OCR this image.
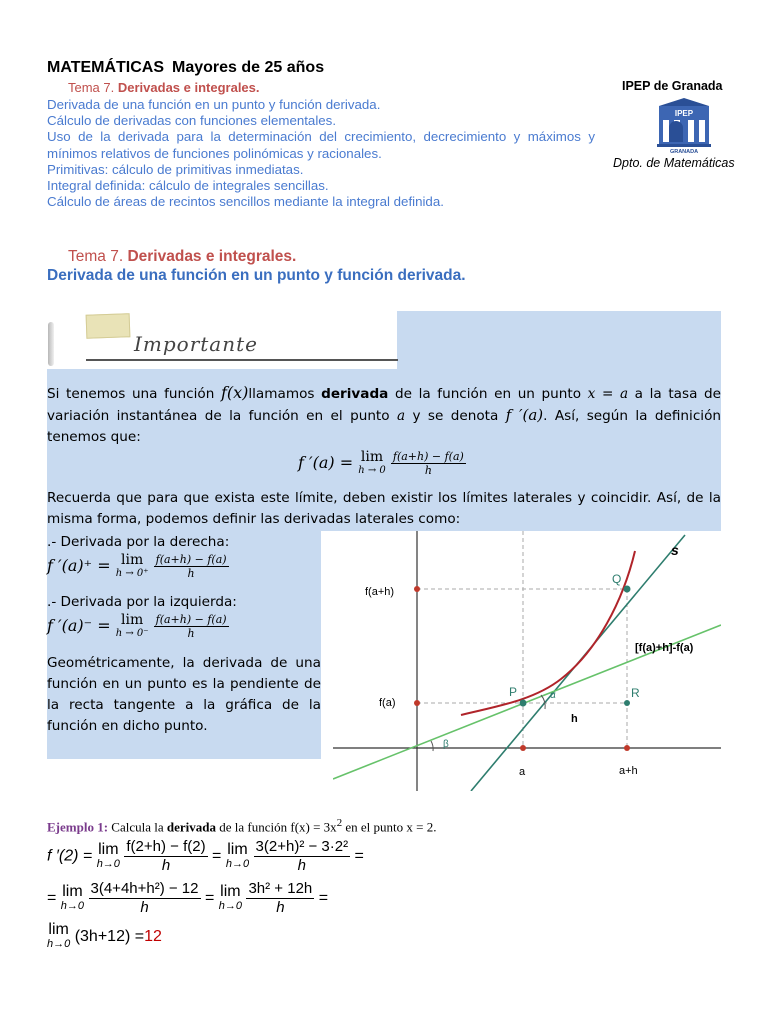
MATEMÁTICAS Mayores de 25 años
Tema 7. Derivadas e integrales.
Derivada de una función en un punto y función derivada.
Cálculo de derivadas con funciones elementales.
Uso de la derivada para la determinación del crecimiento, decrecimiento y máximos y mínimos relativos de funciones polinómicas y racionales.
Primitivas: cálculo de primitivas inmediatas.
Integral definida: cálculo de integrales sencillas.
Cálculo de áreas de recintos sencillos mediante la integral definida.
IPEP de Granada
IPEP
GRANADA
Dpto. de Matemáticas
Tema 7. Derivadas e integrales.
Derivada de una función en un punto y función derivada.
Importante
Si tenemos una función f(x)llamamos derivada de la función en un punto x = a a la tasa de variación instantánea de la función en el punto a y se denota f ′(a). Así, según la definición tenemos que:
f ′(a) = lim
h → 0
$\frac{f(a+h) - f(a)}{h}$
Recuerda que para que exista este límite, deben existir los límites laterales y coincidir. Así, de la misma forma, podemos definir las derivadas laterales como:
.- Derivada por la derecha:
f ′(a)⁺ = lim
h → 0⁺
$\frac{f(a+h) - f(a)}{h}$
.- Derivada por la izquierda:
f ′(a)⁻ = lim
h → 0⁻
$\frac{f(a+h) - f(a)}{h}$
Geométricamente, la derivada de una función en un punto es la pendiente de la recta tangente a la gráfica de la función en dicho punto.
s
Q
P	R
f(a+h)
f(a)
[f(a)+h]-f(a)
α
β
h
a	a+h
Ejemplo 1: Calcula la derivada de la función $f(x) = 3x^2$ en el punto x = 2.
f ′(2) = lim
h→0
$\frac{f(2+h) - f(2)}{h} = \lim$
h→0
$\frac{\text{3(2+h)² − 3·2²}}{h}$ =
= lim
h→0
$\frac{\text{3(4+4h+h²) − 12}}{h} = \lim$
h→0
$\frac{\text{3h² + 12h}}{h}$ =
lim
h→0 (3h+12) =12
